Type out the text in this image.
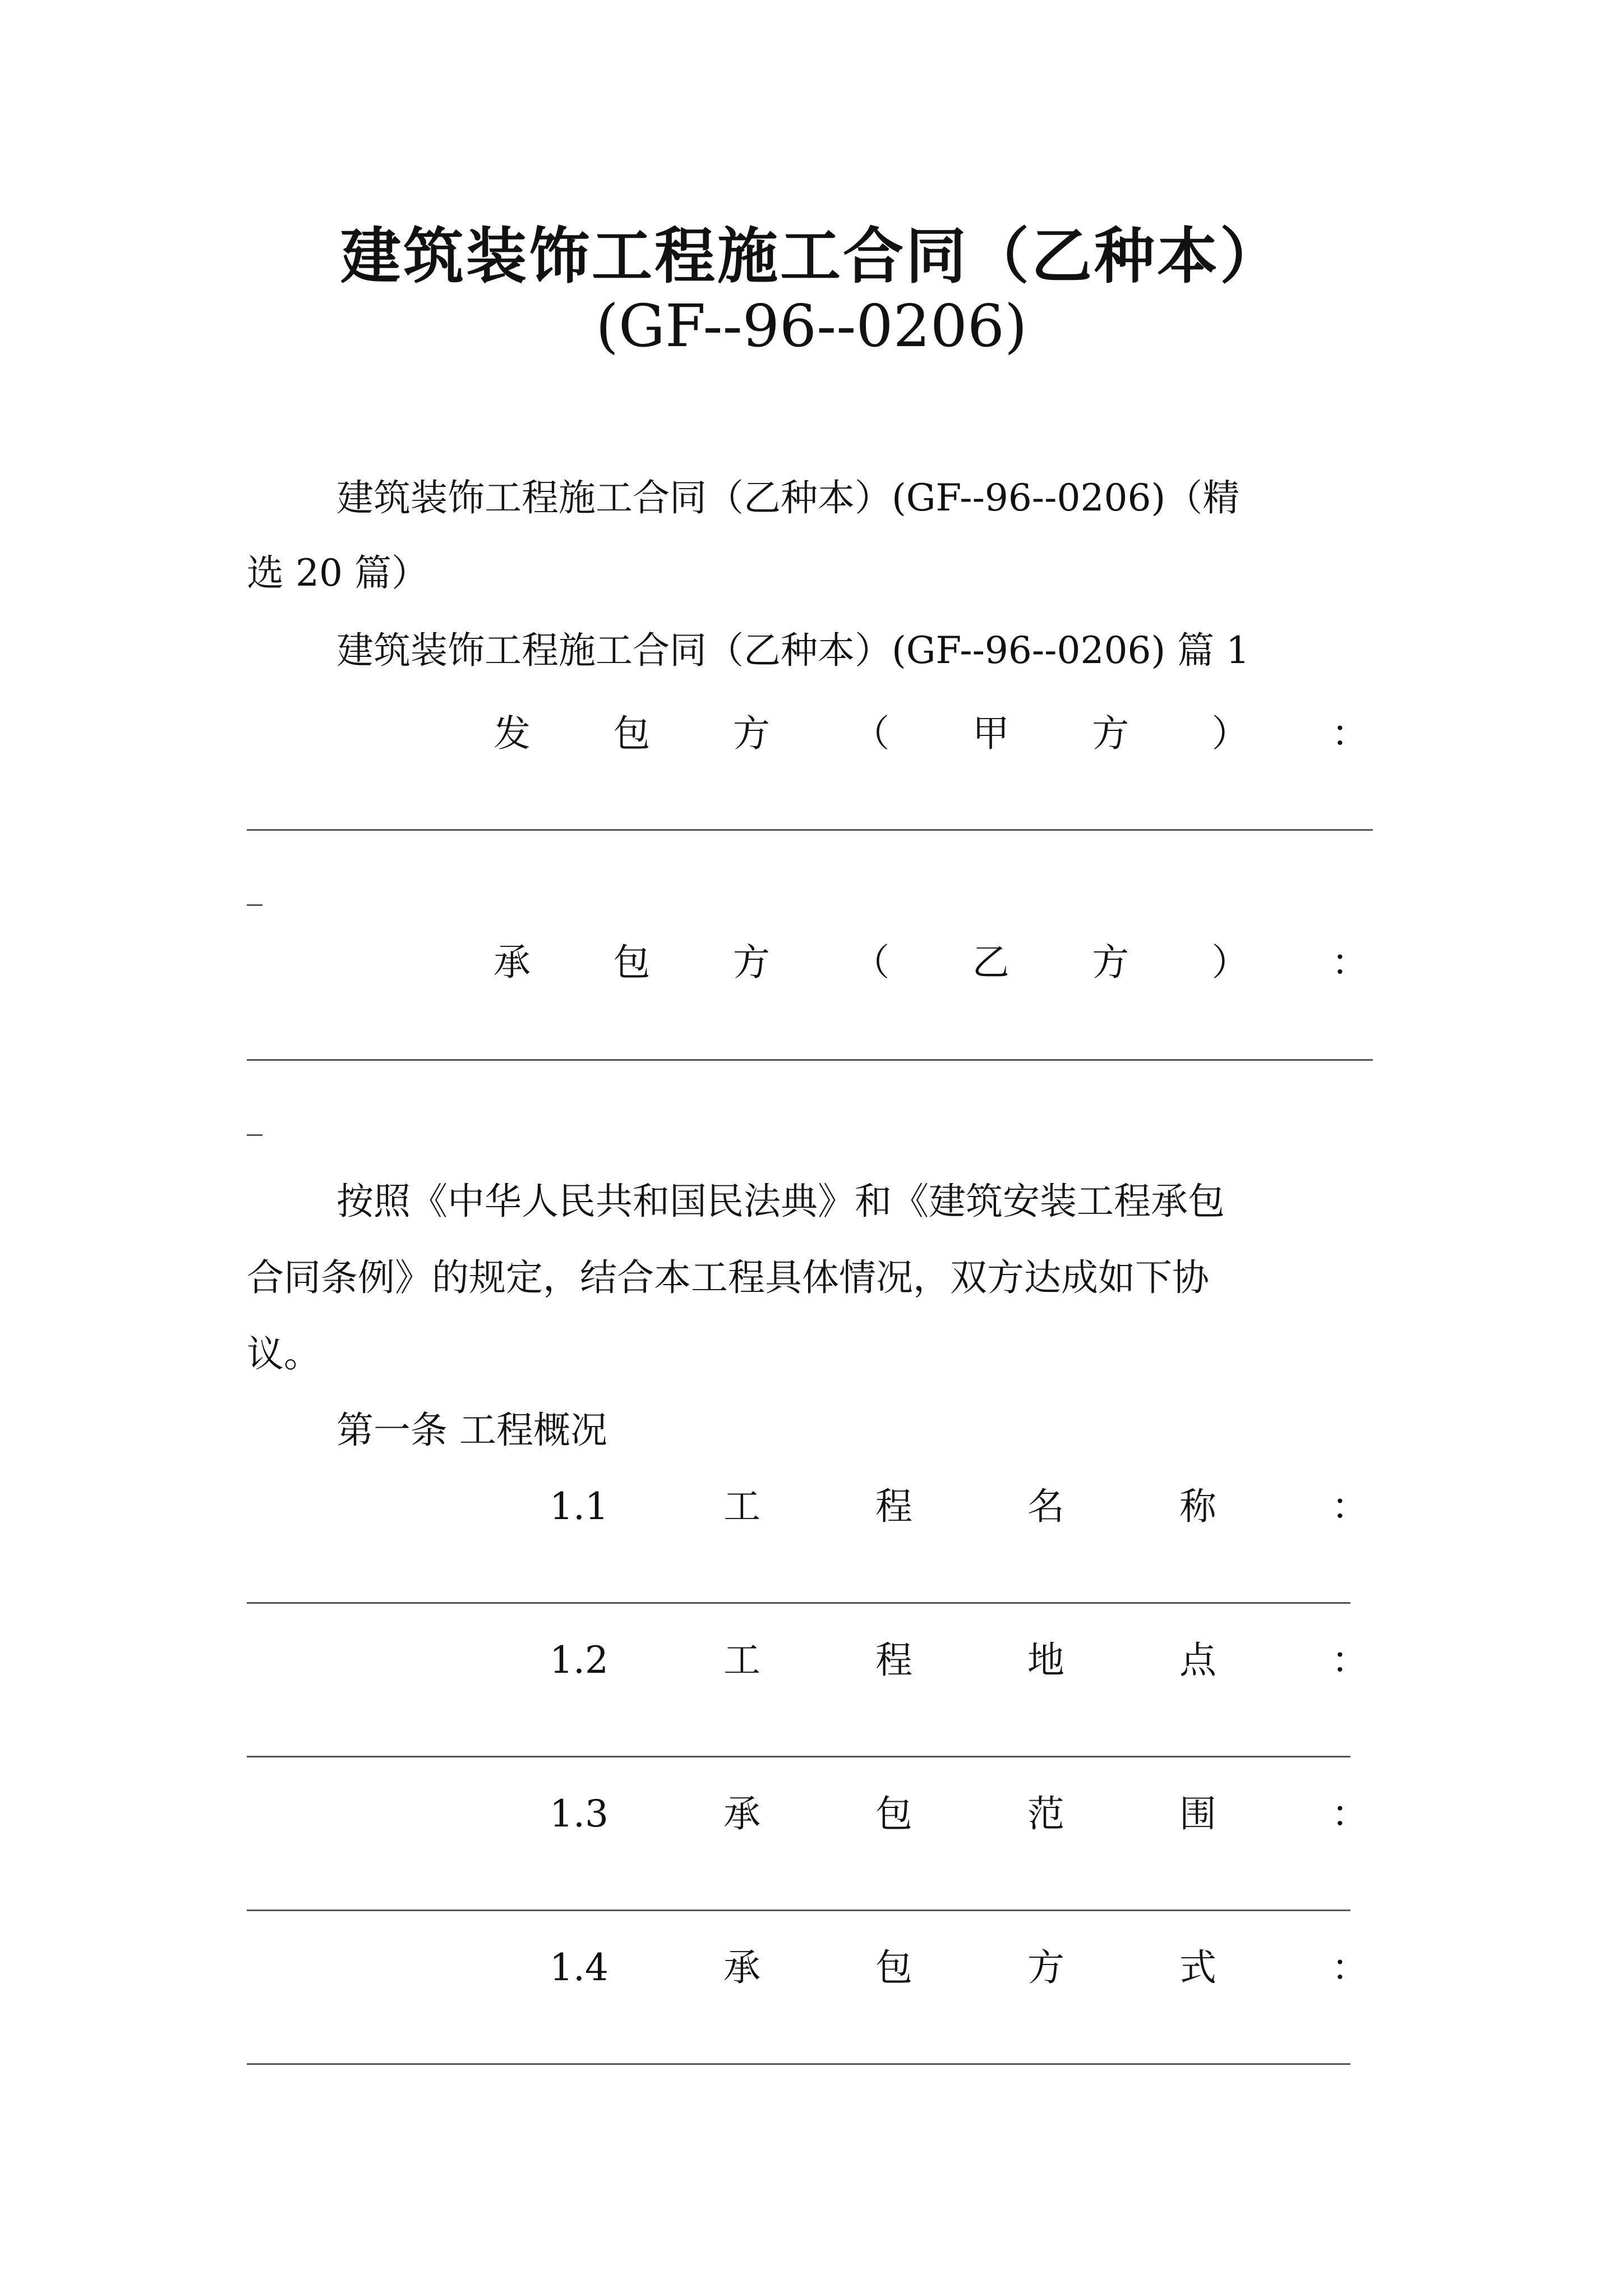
建筑装饰工程施工合同（乙种本）
(GF--96--0206)
建筑装饰工程施工合同（乙种本）(GF--96--0206)（精
选 20 篇）
建筑装饰工程施工合同（乙种本）(GF--96--0206) 篇 1
发 包 方 （ 甲 方 ） ：
承 包 方 （ 乙 方 ） ：
按照《中华人民共和国民法典》和《建筑安装工程承包
合同条例》的规定，结合本工程具体情况，双方达成如下协
议。
第一条 工程概况
1.1	工	程	名	称	：
1.2	工	程	地	点	：
1.3	承	包	范	围	：
1.4	承	包	方	式	：
